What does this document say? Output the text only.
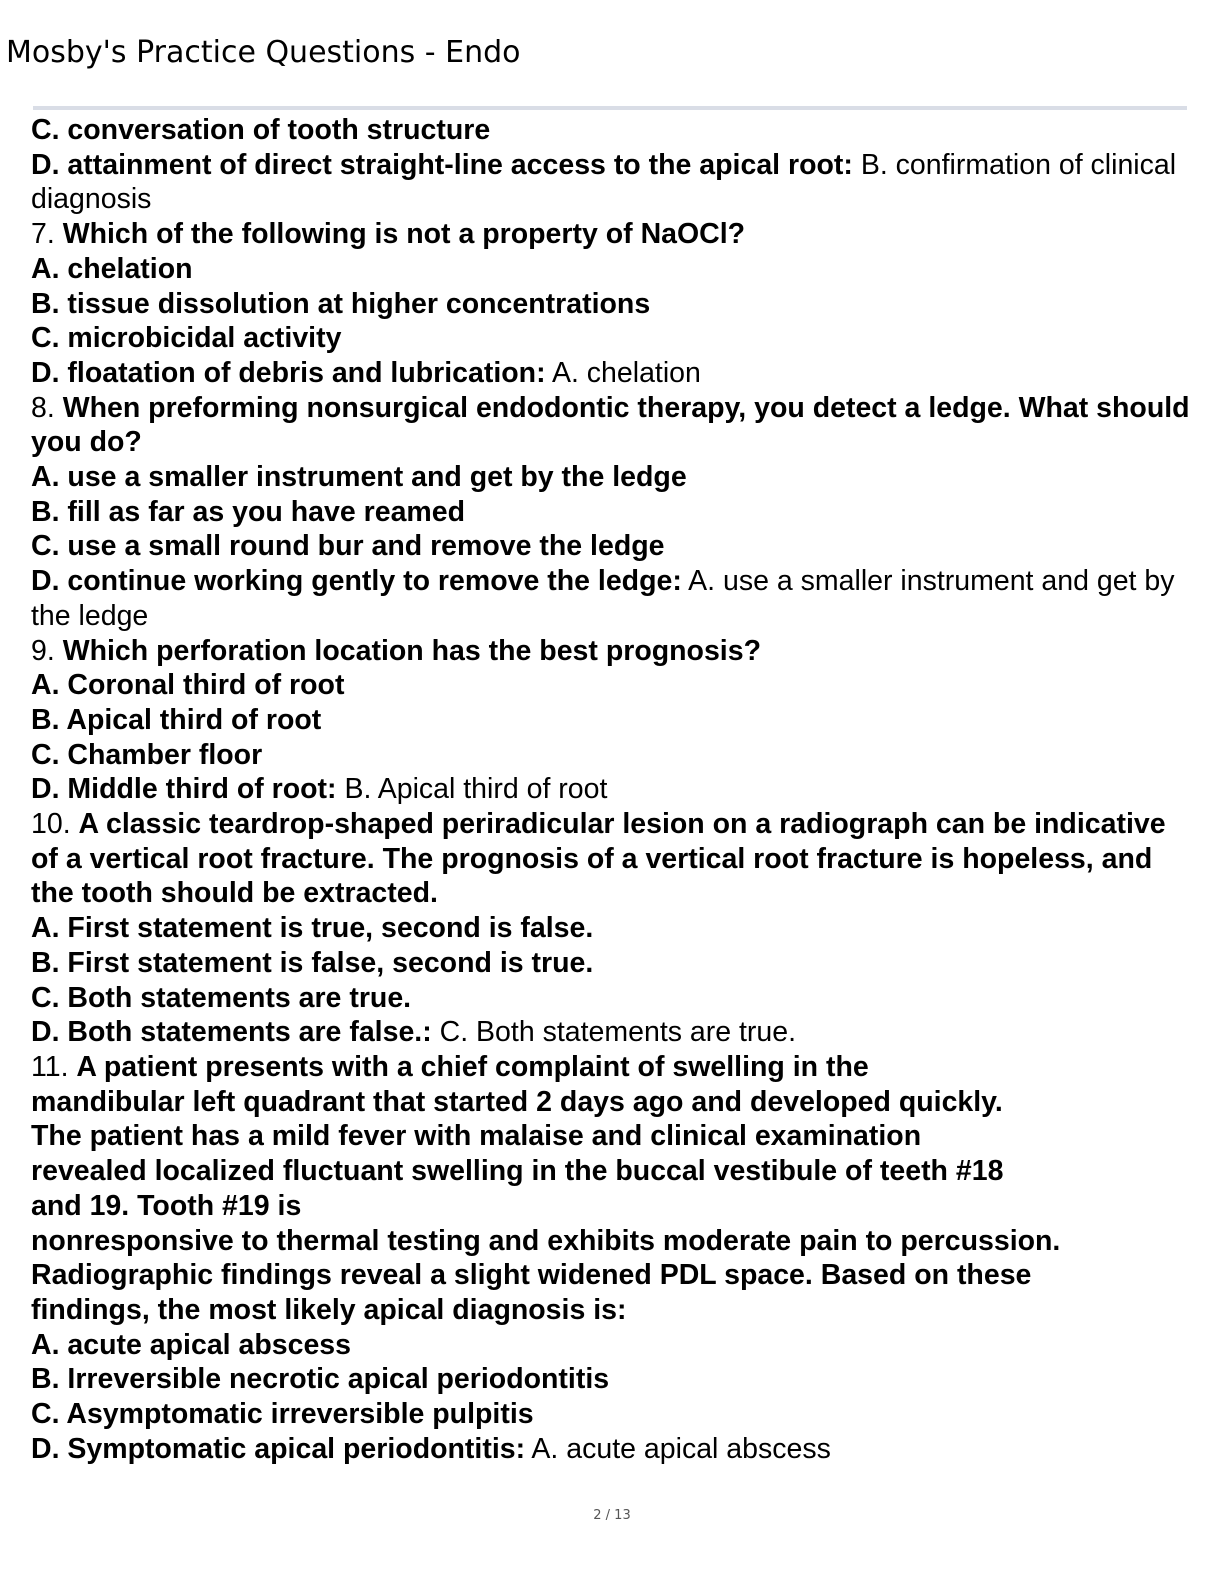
Mosby's Practice Questions - Endo

C. conversation of tooth structure

D. attainment of direct straight-line access to the apical root: B. confirmation of clinical diagnosis

7. Which of the following is not a property of NaOCl?

A. chelation

B. tissue dissolution at higher concentrations

C. microbicidal activity

D. floatation of debris and lubrication: A. chelation

8. When preforming nonsurgical endodontic therapy, you detect a ledge. What should you do?

A. use a smaller instrument and get by the ledge

B. fill as far as you have reamed

C. use a small round bur and remove the ledge

D. continue working gently to remove the ledge: A. use a smaller instrument and get by the ledge

9. Which perforation location has the best prognosis?

A. Coronal third of root

B. Apical third of root

C. Chamber floor

D. Middle third of root: B. Apical third of root

10. A classic teardrop-shaped periradicular lesion on a radiograph can be indicative of a vertical root fracture. The prognosis of a vertical root fracture is hopeless, and the tooth should be extracted.

A. First statement is true, second is false.

B. First statement is false, second is true.

C. Both statements are true.

D. Both statements are false.: C. Both statements are true.

11. A patient presents with a chief complaint of swelling in the

mandibular left quadrant that started 2 days ago and developed quickly.

The patient has a mild fever with malaise and clinical examination

revealed localized fluctuant swelling in the buccal vestibule of teeth #18

and 19. Tooth #19 is

nonresponsive to thermal testing and exhibits moderate pain to percussion.

Radiographic findings reveal a slight widened PDL space. Based on these

findings, the most likely apical diagnosis is:

A. acute apical abscess

B. Irreversible necrotic apical periodontitis

C. Asymptomatic irreversible pulpitis

D. Symptomatic apical periodontitis: A. acute apical abscess

2 / 13
